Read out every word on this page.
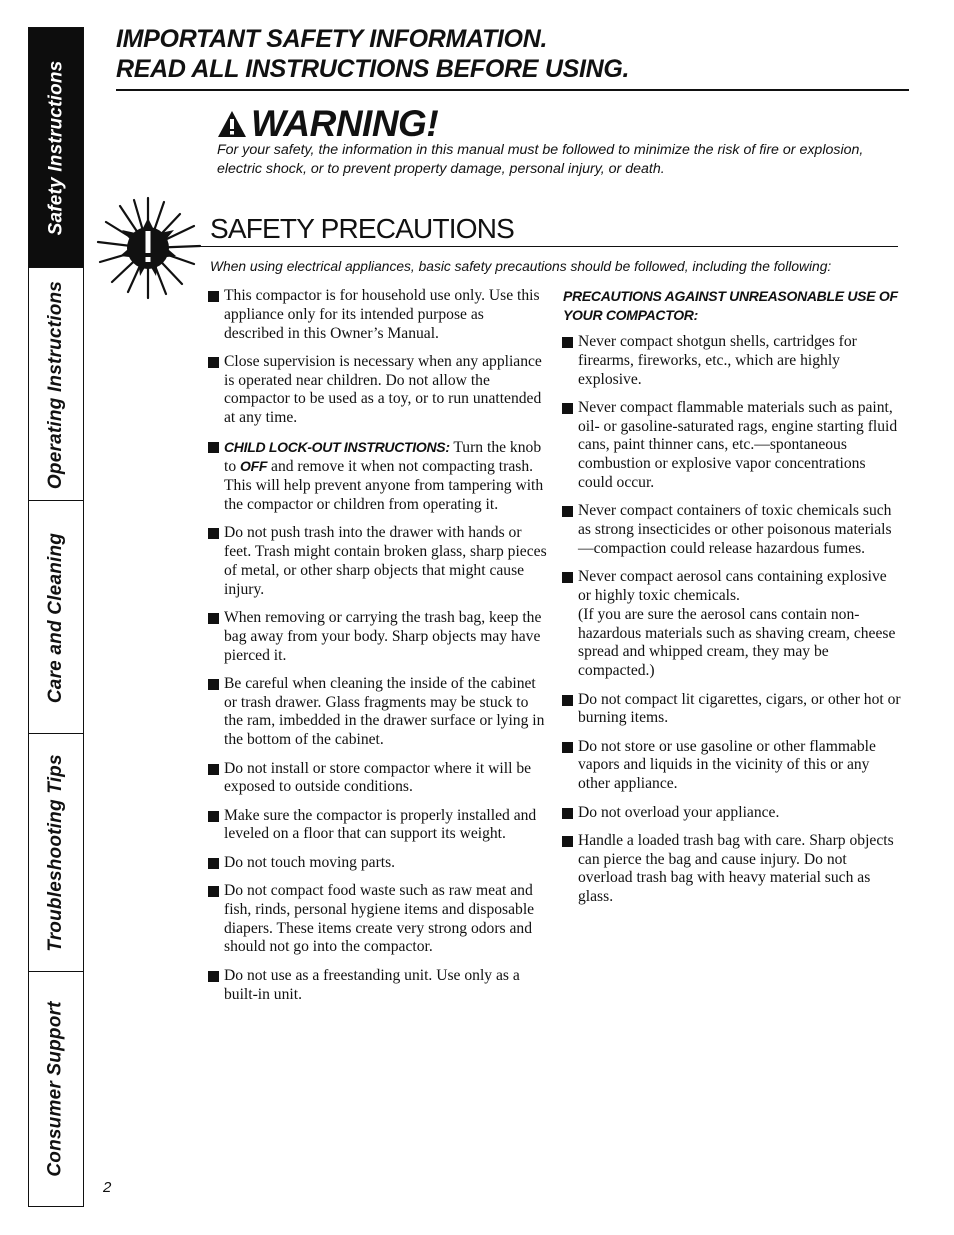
Safety Instructions
Operating Instructions
Care and Cleaning
Troubleshooting Tips
Consumer Support
IMPORTANT SAFETY INFORMATION.
READ ALL INSTRUCTIONS BEFORE USING.
WARNING!
For your safety, the information in this manual must be followed to minimize the risk of fire or explosion, electric shock, or to prevent property damage, personal injury, or death.
SAFETY PRECAUTIONS
When using electrical appliances, basic safety precautions should be followed, including the following:
This compactor is for household use only. Use this appliance only for its intended purpose as described in this Owner’s Manual.
Close supervision is necessary when any appliance is operated near children. Do not allow the compactor to be used as a toy, or to run unattended at any time.
CHILD LOCK-OUT INSTRUCTIONS: Turn the knob to OFF and remove it when not compacting trash. This will help prevent anyone from tampering with the compactor or children from operating it.
Do not push trash into the drawer with hands or feet. Trash might contain broken glass, sharp pieces of metal, or other sharp objects that might cause injury.
When removing or carrying the trash bag, keep the bag away from your body. Sharp objects may have pierced it.
Be careful when cleaning the inside of the cabinet or trash drawer. Glass fragments may be stuck to the ram, imbedded in the drawer surface or lying in the bottom of the cabinet.
Do not install or store compactor where it will be exposed to outside conditions.
Make sure the compactor is properly installed and leveled on a floor that can support its weight.
Do not touch moving parts.
Do not compact food waste such as raw meat and fish, rinds, personal hygiene items and disposable diapers. These items create very strong odors and should not go into the compactor.
Do not use as a freestanding unit. Use only as a built-in unit.
PRECAUTIONS AGAINST UNREASONABLE USE OF YOUR COMPACTOR:
Never compact shotgun shells, cartridges for firearms, fireworks, etc., which are highly explosive.
Never compact flammable materials such as paint, oil- or gasoline-saturated rags, engine starting fluid cans, paint thinner cans, etc.—spontaneous combustion or explosive vapor concentrations could occur.
Never compact containers of toxic chemicals such as strong insecticides or other poisonous materials—compaction could release hazardous fumes.
Never compact aerosol cans containing explosive or highly toxic chemicals.
(If you are sure the aerosol cans contain non-hazardous materials such as shaving cream, cheese spread and whipped cream, they may be compacted.)
Do not compact lit cigarettes, cigars, or other hot or burning items.
Do not store or use gasoline or other flammable vapors and liquids in the vicinity of this or any other appliance.
Do not overload your appliance.
Handle a loaded trash bag with care. Sharp objects can pierce the bag and cause injury. Do not overload trash bag with heavy material such as glass.
2
